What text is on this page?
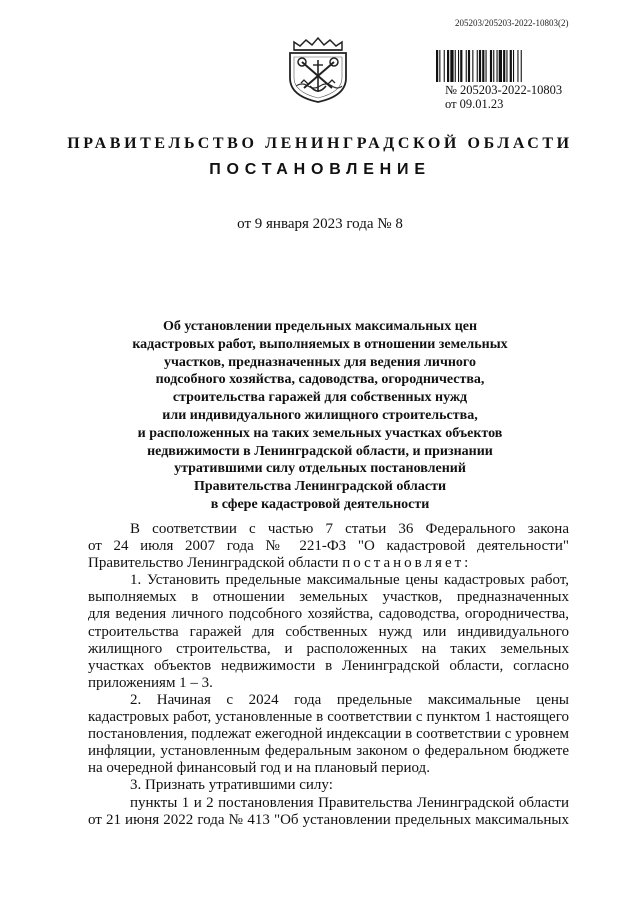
205203/205203-2022-10803(2)
№ 205203-2022-10803
от 09.01.23
ПРАВИТЕЛЬСТВО ЛЕНИНГРАДСКОЙ ОБЛАСТИ
ПОСТАНОВЛЕНИЕ
от 9 января 2023 года № 8
Об установлении предельных максимальных цен
кадастровых работ, выполняемых в отношении земельных
участков, предназначенных для ведения личного
подсобного хозяйства, садоводства, огородничества,
строительства гаражей для собственных нужд
или индивидуального жилищного строительства,
и расположенных на таких земельных участках объектов
недвижимости в Ленинградской области, и признании
утратившими силу отдельных постановлений
Правительства Ленинградской области
в сфере кадастровой деятельности
В соответствии с частью 7 статьи 36 Федерального закона
от 24 июля 2007 года № 221-ФЗ "О кадастровой деятельности"
Правительство Ленинградской области постановляет:
1. Установить предельные максимальные цены кадастровых работ,
выполняемых в отношении земельных участков, предназначенных
для ведения личного подсобного хозяйства, садоводства, огородничества,
строительства гаражей для собственных нужд или индивидуального
жилищного строительства, и расположенных на таких земельных
участках объектов недвижимости в Ленинградской области, согласно
приложениям 1 – 3.
2. Начиная с 2024 года предельные максимальные цены
кадастровых работ, установленные в соответствии с пунктом 1 настоящего
постановления, подлежат ежегодной индексации в соответствии с уровнем
инфляции, установленным федеральным законом о федеральном бюджете
на очередной финансовый год и на плановый период.
3. Признать утратившими силу:
пункты 1 и 2 постановления Правительства Ленинградской области
от 21 июня 2022 года № 413 "Об установлении предельных максимальных
